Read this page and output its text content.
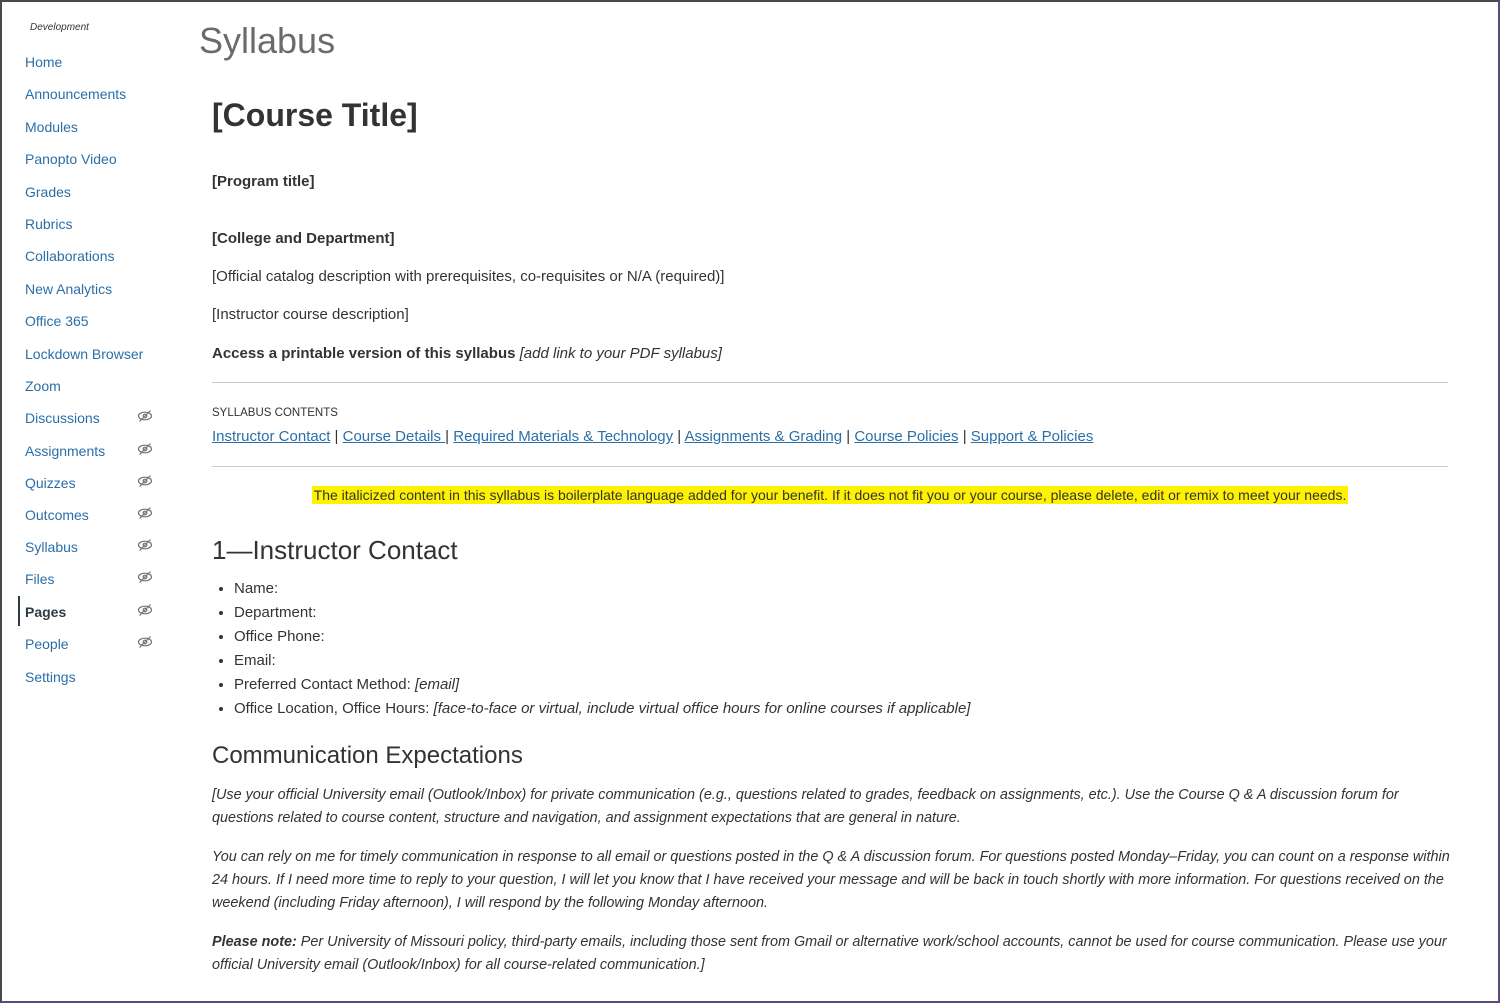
Development
Home
Announcements
Modules
Panopto Video
Grades
Rubrics
Collaborations
New Analytics
Office 365
Lockdown Browser
Zoom
Discussions
Assignments
Quizzes
Outcomes
Syllabus
Files
Pages
People
Settings
Syllabus
[Course Title]
[Program title]
[College and Department]
[Official catalog description with prerequisites, co-requisites or N/A (required)]
[Instructor course description]
Access a printable version of this syllabus [add link to your PDF syllabus]
SYLLABUS CONTENTS
Instructor Contact | Course Details | Required Materials & Technology | Assignments & Grading | Course Policies | Support & Policies
The italicized content in this syllabus is boilerplate language added for your benefit. If it does not fit you or your course, please delete, edit or remix to meet your needs.
1—Instructor Contact
• Name:
• Department:
• Office Phone:
• Email:
• Preferred Contact Method: [email]
• Office Location, Office Hours: [face-to-face or virtual, include virtual office hours for online courses if applicable]
Communication Expectations

[Use your official University email (Outlook/Inbox) for private communication (e.g., questions related to grades, feedback on assignments, etc.). Use the Course Q & A discussion forum for questions related to course content, structure and navigation, and assignment expectations that are general in nature.

You can rely on me for timely communication in response to all email or questions posted in the Q & A discussion forum. For questions posted Monday–Friday, you can count on a response within 24 hours. If I need more time to reply to your question, I will let you know that I have received your message and will be back in touch shortly with more information. For questions received on the weekend (including Friday afternoon), I will respond by the following Monday afternoon.

Please note: Per University of Missouri policy, third-party emails, including those sent from Gmail or alternative work/school accounts, cannot be used for course communication. Please use your official University email (Outlook/Inbox) for all course-related communication.]
